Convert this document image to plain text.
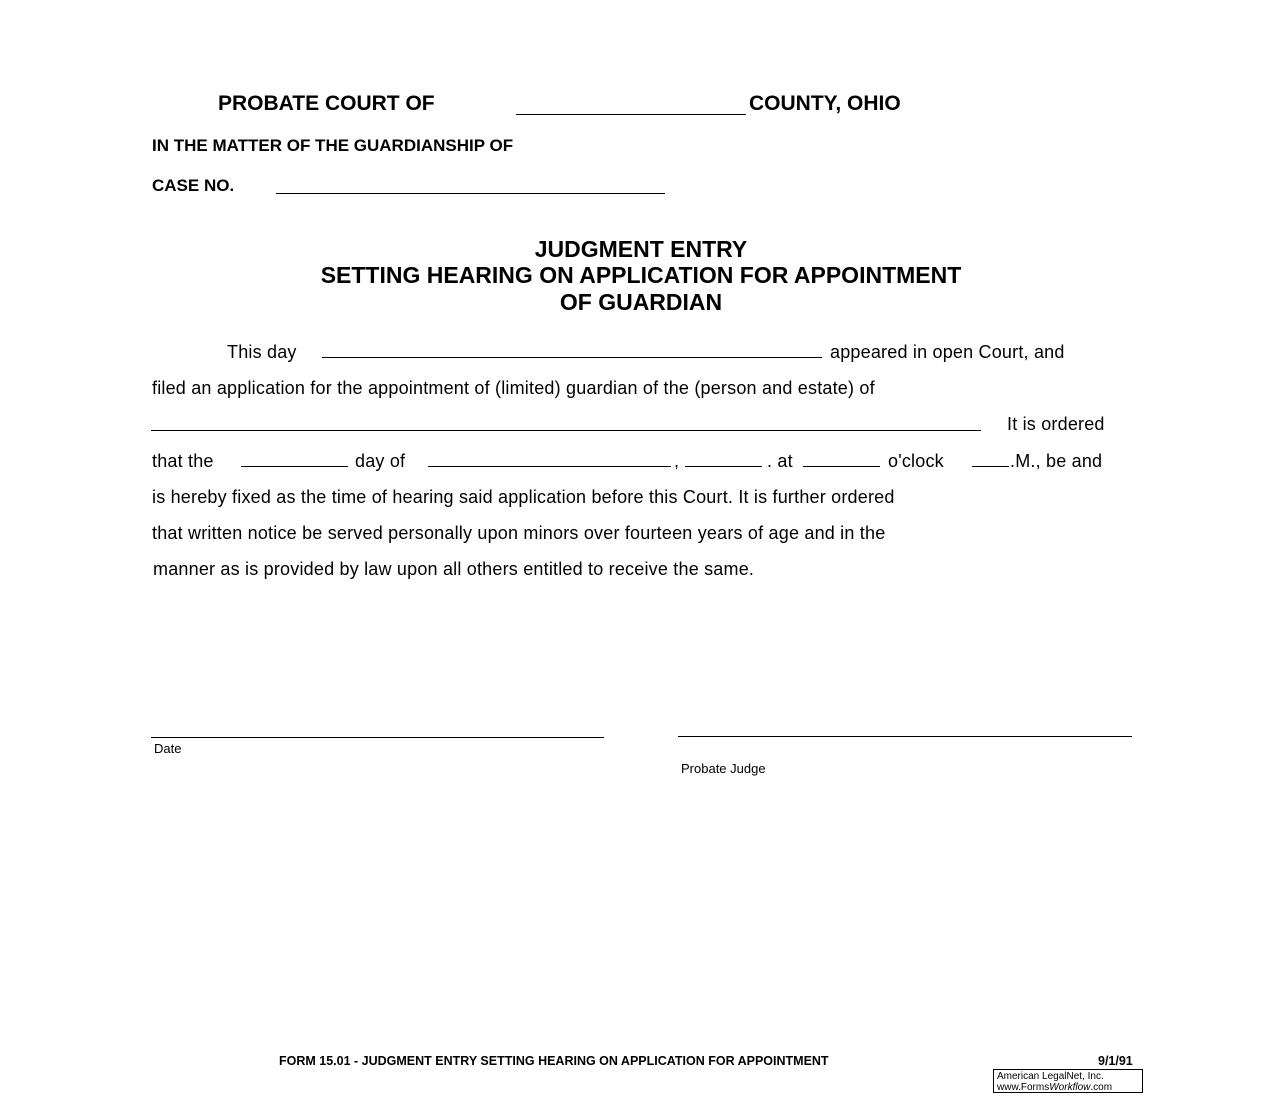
PROBATE COURT OF	COUNTY, OHIO
IN THE MATTER OF THE GUARDIANSHIP OF
CASE NO.
JUDGMENT ENTRY
SETTING HEARING ON APPLICATION FOR APPOINTMENT
OF GUARDIAN
This day	appeared in open Court, and
filed an application for the appointment of (limited) guardian of the (person and estate) of
It is ordered
that the	day of	,	. at	o'clock	.M., be and
is hereby fixed as the time of hearing said application before this Court. It is further ordered
that written notice be served personally upon minors over fourteen years of age and in the
manner as is provided by law upon all others entitled to receive the same.
Date
Probate Judge
FORM 15.01 - JUDGMENT ENTRY SETTING HEARING ON APPLICATION FOR APPOINTMENT	9/1/91
American LegalNet, Inc.
www.FormsWorkflow.com
